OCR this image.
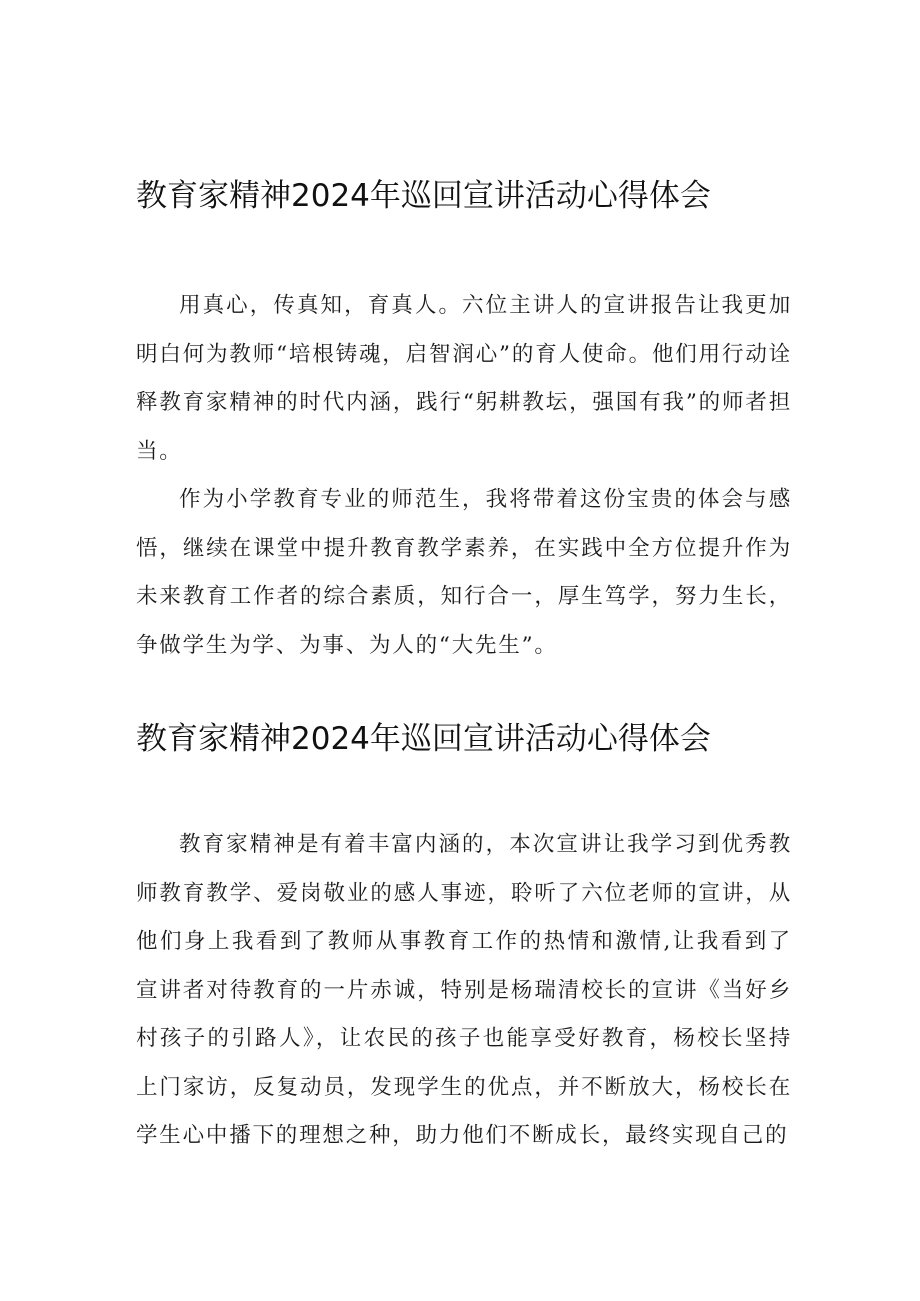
教育家精神2024年巡回宣讲活动心得体会

用真心，传真知，育真人。六位主讲人的宣讲报告让我更加明白何为教师“培根铸魂，启智润心”的育人使命。他们用行动诠释教育家精神的时代内涵，践行“躬耕教坛，强国有我”的师者担当。

作为小学教育专业的师范生，我将带着这份宝贵的体会与感悟，继续在课堂中提升教育教学素养，在实践中全方位提升作为未来教育工作者的综合素质，知行合一，厚生笃学，努力生长，争做学生为学、为事、为人的“大先生”。

教育家精神2024年巡回宣讲活动心得体会

教育家精神是有着丰富内涵的，本次宣讲让我学习到优秀教师教育教学、爱岗敬业的感人事迹，聆听了六位老师的宣讲，从他们身上我看到了教师从事教育工作的热情和激情,让我看到了宣讲者对待教育的一片赤诚，特别是杨瑞清校长的宣讲《当好乡村孩子的引路人》，让农民的孩子也能享受好教育，杨校长坚持上门家访，反复动员，发现学生的优点，并不断放大，杨校长在学生心中播下的理想之种，助力他们不断成长，最终实现自己的
